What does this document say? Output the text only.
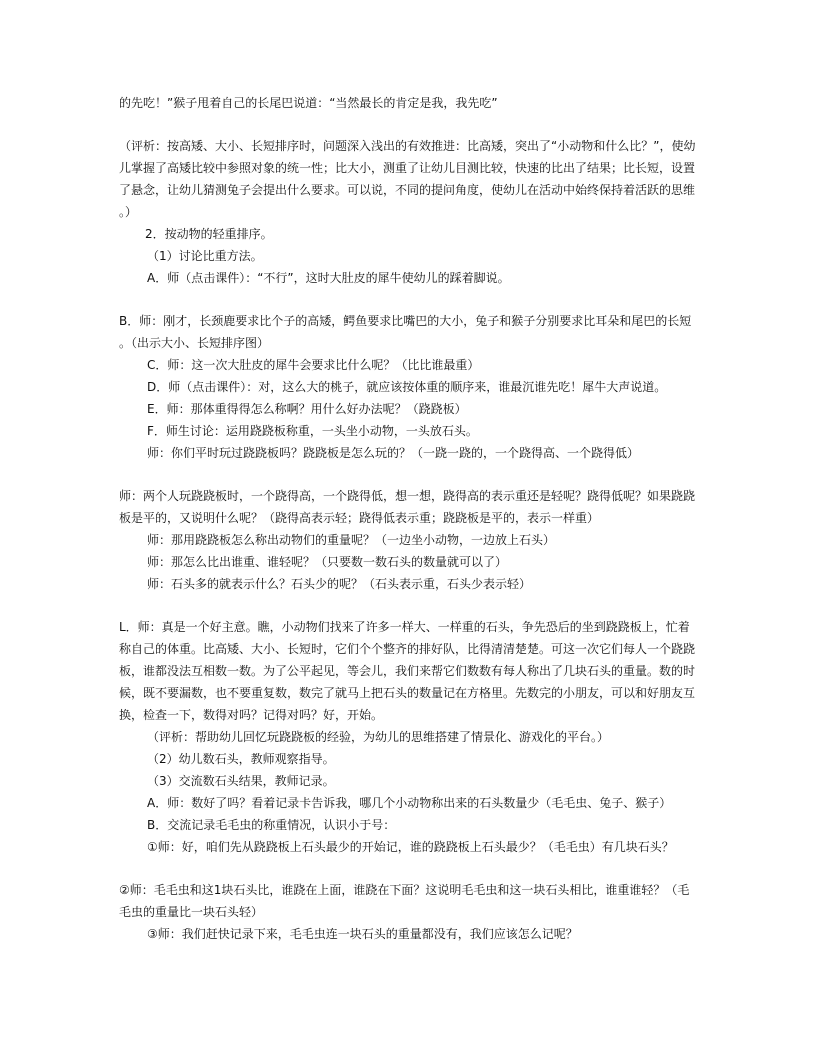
的先吃！”猴子甩着自己的长尾巴说道：“当然最长的肯定是我，我先吃”
（评析：按高矮、大小、长短排序时，问题深入浅出的有效推进：比高矮，突出了“小动物和什么比？”，使幼
儿掌握了高矮比较中参照对象的统一性；比大小，测重了让幼儿目测比较，快速的比出了结果；比长短，设置
了悬念，让幼儿猜测兔子会提出什么要求。可以说，不同的提问角度，使幼儿在活动中始终保持着活跃的思维
。）
2．按动物的轻重排序。
（1）讨论比重方法。
A．师（点击课件）：“不行”，这时大肚皮的犀牛使幼儿的踩着脚说。
B．师：刚才，长颈鹿要求比个子的高矮，鳄鱼要求比嘴巴的大小，兔子和猴子分别要求比耳朵和尾巴的长短
。（出示大小、长短排序图）
C．师：这一次大肚皮的犀牛会要求比什么呢？（比比谁最重）
D．师（点击课件）：对，这么大的桃子，就应该按体重的顺序来，谁最沉谁先吃！犀牛大声说道。
E．师：那体重得得怎么称啊？用什么好办法呢？（跷跷板）
F．师生讨论：运用跷跷板称重，一头坐小动物，一头放石头。
师：你们平时玩过跷跷板吗？跷跷板是怎么玩的？（一跷一跷的，一个跷得高、一个跷得低）
师：两个人玩跷跷板时，一个跷得高，一个跷得低，想一想，跷得高的表示重还是轻呢？跷得低呢？如果跷跷
板是平的，又说明什么呢？（跷得高表示轻；跷得低表示重；跷跷板是平的，表示一样重）
师：那用跷跷板怎么称出动物们的重量呢？（一边坐小动物，一边放上石头）
师：那怎么比出谁重、谁轻呢？（只要数一数石头的数量就可以了）
师：石头多的就表示什么？石头少的呢？（石头表示重，石头少表示轻）
L．师：真是一个好主意。瞧，小动物们找来了许多一样大、一样重的石头，争先恐后的坐到跷跷板上，忙着
称自己的体重。比高矮、大小、长短时，它们个个整齐的排好队，比得清清楚楚。可这一次它们每人一个跷跷
板，谁都没法互相数一数。为了公平起见，等会儿，我们来帮它们数数有每人称出了几块石头的重量。数的时
候，既不要漏数，也不要重复数，数完了就马上把石头的数量记在方格里。先数完的小朋友，可以和好朋友互
换，检查一下，数得对吗？记得对吗？好，开始。
（评析：帮助幼儿回忆玩跷跷板的经验，为幼儿的思维搭建了情景化、游戏化的平台。）
（2）幼儿数石头，教师观察指导。
（3）交流数石头结果，教师记录。
A．师：数好了吗？看着记录卡告诉我，哪几个小动物称出来的石头数量少（毛毛虫、兔子、猴子）
B．交流记录毛毛虫的称重情况，认识小于号：
①师：好，咱们先从跷跷板上石头最少的开始记，谁的跷跷板上石头最少？（毛毛虫）有几块石头？
②师：毛毛虫和这1块石头比，谁跷在上面，谁跷在下面？这说明毛毛虫和这一块石头相比，谁重谁轻？（毛
毛虫的重量比一块石头轻）
③师：我们赶快记录下来，毛毛虫连一块石头的重量都没有，我们应该怎么记呢？
